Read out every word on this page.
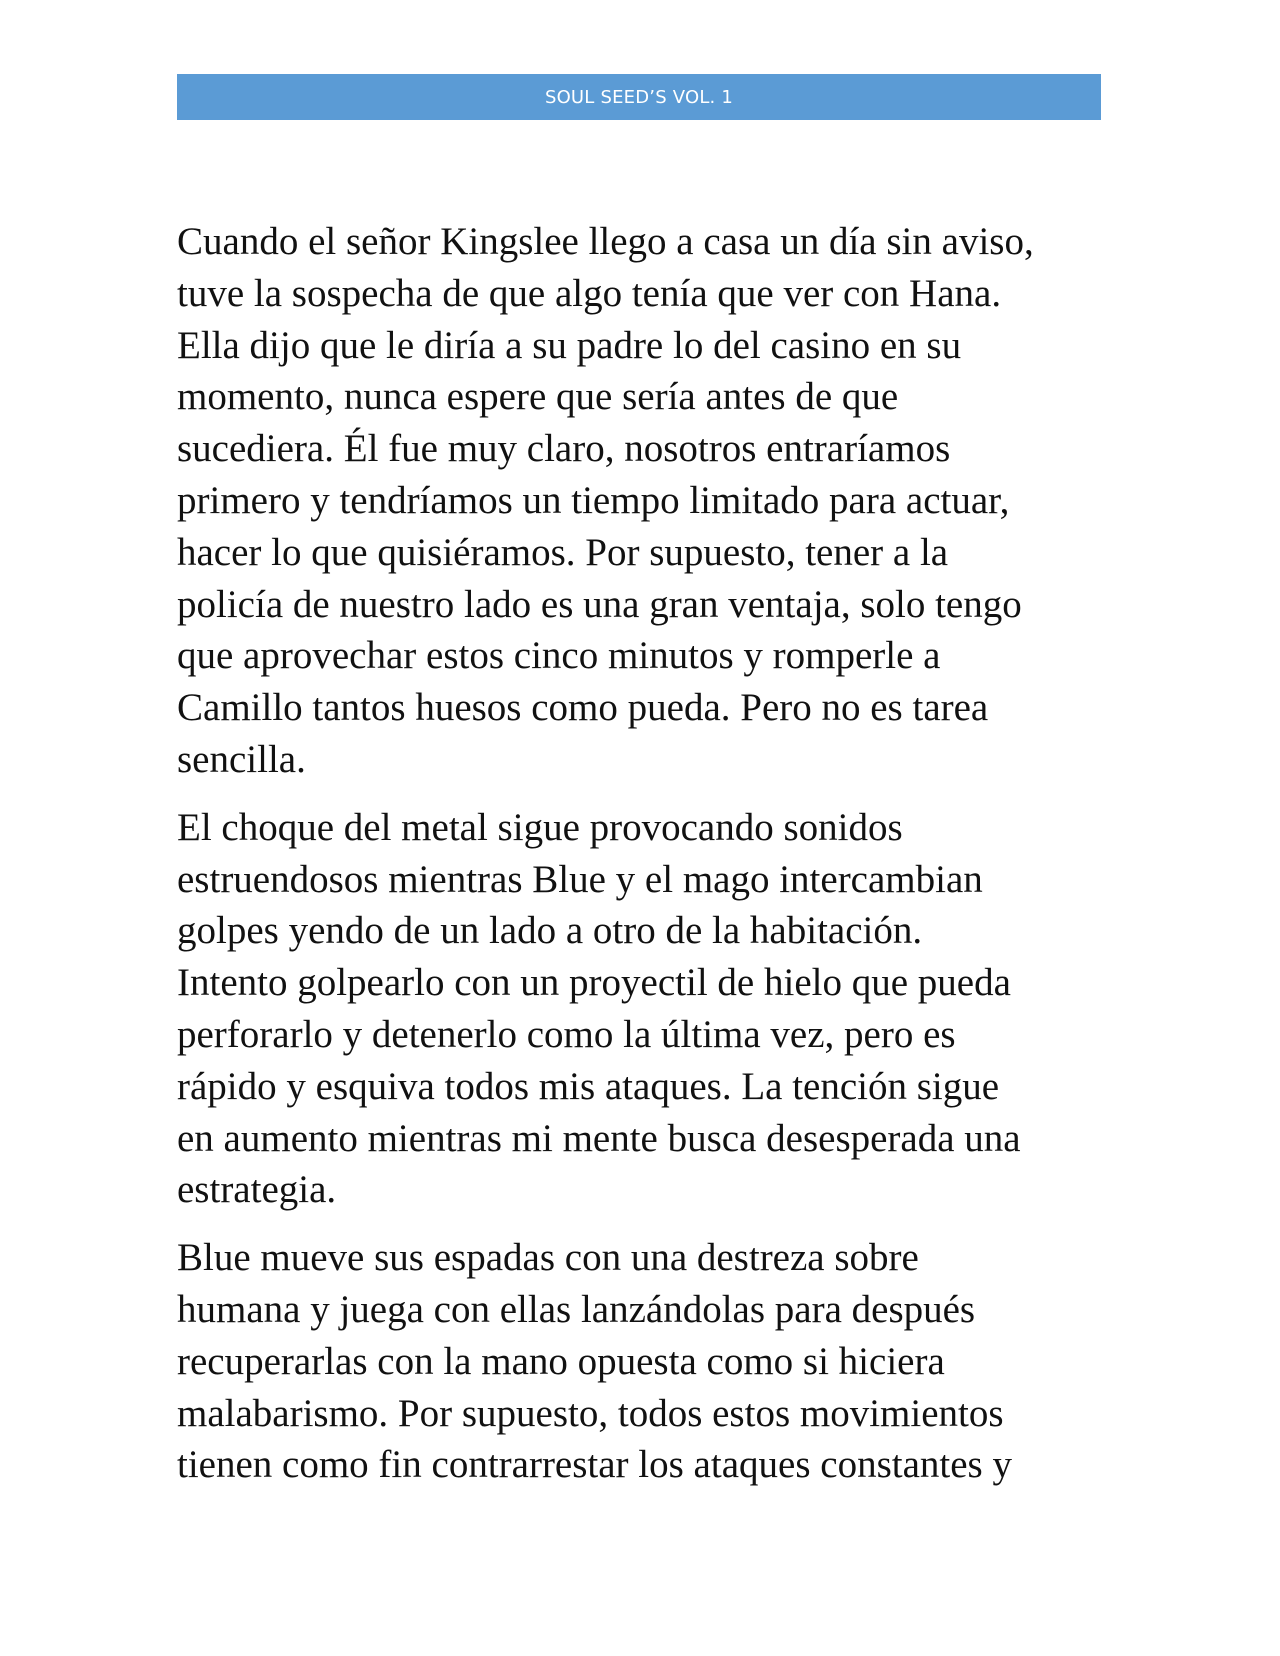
SOUL SEED’S VOL. 1

Cuando el señor Kingslee llego a casa un día sin aviso,
tuve la sospecha de que algo tenía que ver con Hana.
Ella dijo que le diría a su padre lo del casino en su
momento, nunca espere que sería antes de que
sucediera. Él fue muy claro, nosotros entraríamos
primero y tendríamos un tiempo limitado para actuar,
hacer lo que quisiéramos. Por supuesto, tener a la
policía de nuestro lado es una gran ventaja, solo tengo
que aprovechar estos cinco minutos y romperle a
Camillo tantos huesos como pueda. Pero no es tarea
sencilla.

El choque del metal sigue provocando sonidos
estruendosos mientras Blue y el mago intercambian
golpes yendo de un lado a otro de la habitación.
Intento golpearlo con un proyectil de hielo que pueda
perforarlo y detenerlo como la última vez, pero es
rápido y esquiva todos mis ataques. La tención sigue
en aumento mientras mi mente busca desesperada una
estrategia.

Blue mueve sus espadas con una destreza sobre
humana y juega con ellas lanzándolas para después
recuperarlas con la mano opuesta como si hiciera
malabarismo. Por supuesto, todos estos movimientos
tienen como fin contrarrestar los ataques constantes y
